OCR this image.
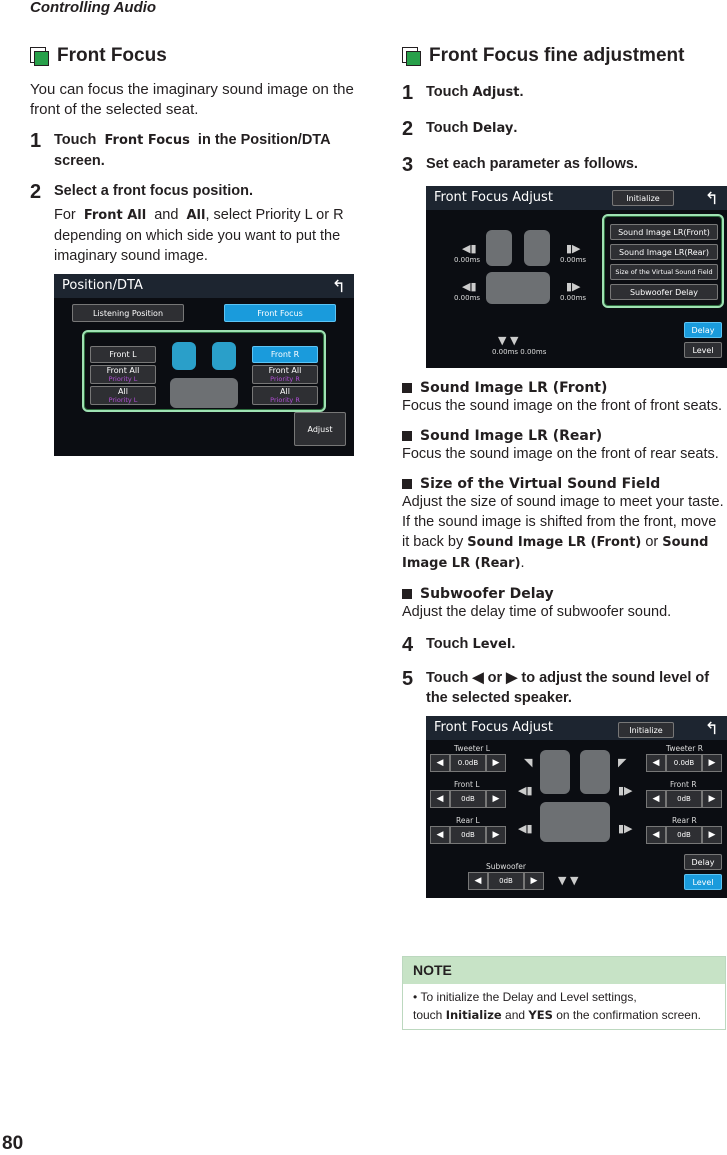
Controlling Audio
Front Focus
You can focus the imaginary sound image on the front of the selected seat.
1 Touch Front Focus in the Position/DTA screen.
2 Select a front focus position.
For Front All and All, select Priority L or R depending on which side you want to put the imaginary sound image.
Position/DTA	↰
Listening Position	Front Focus
Front L
Front All
Priority L
All
Priority L
Front R
Front All
Priority R
All
Priority R
Adjust
Front Focus fine adjustment
1 Touch Adjust.
2 Touch Delay.
3 Set each parameter as follows.
Front Focus Adjust	Initialize	↰
◀▮
0.00ms
▮▶
0.00ms
◀▮
0.00ms
▮▶
0.00ms
▼ ▼
0.00ms 0.00ms
Sound Image LR(Front)
Sound Image LR(Rear)
Size of the Virtual Sound Field
Subwoofer Delay
Delay
Level
Sound Image LR (Front)
Focus the sound image on the front of front seats.
Sound Image LR (Rear)
Focus the sound image on the front of rear seats.
Size of the Virtual Sound Field
Adjust the size of sound image to meet your taste. If the sound image is shifted from the front, move it back by Sound Image LR (Front) or Sound Image LR (Rear).
Subwoofer Delay
Adjust the delay time of subwoofer sound.
4 Touch Level.
5 Touch ◀ or ▶ to adjust the sound level of the selected speaker.
Front Focus Adjust	Initialize ↰
Tweeter L
◀	0.0dB	▶
Front L
◀	0dB	▶
Rear L
◀	0dB	▶
Tweeter R
◀	0.0dB	▶
Front R
◀	0dB	▶
Rear R
◀	0dB	▶
◥	◤
◀▮	▮▶
◀▮	▮▶
Subwoofer
◀	0dB	▶	▼ ▼
Delay
Level
NOTE
• To initialize the Delay and Level settings, touch Initialize and YES on the confirmation screen.
80
